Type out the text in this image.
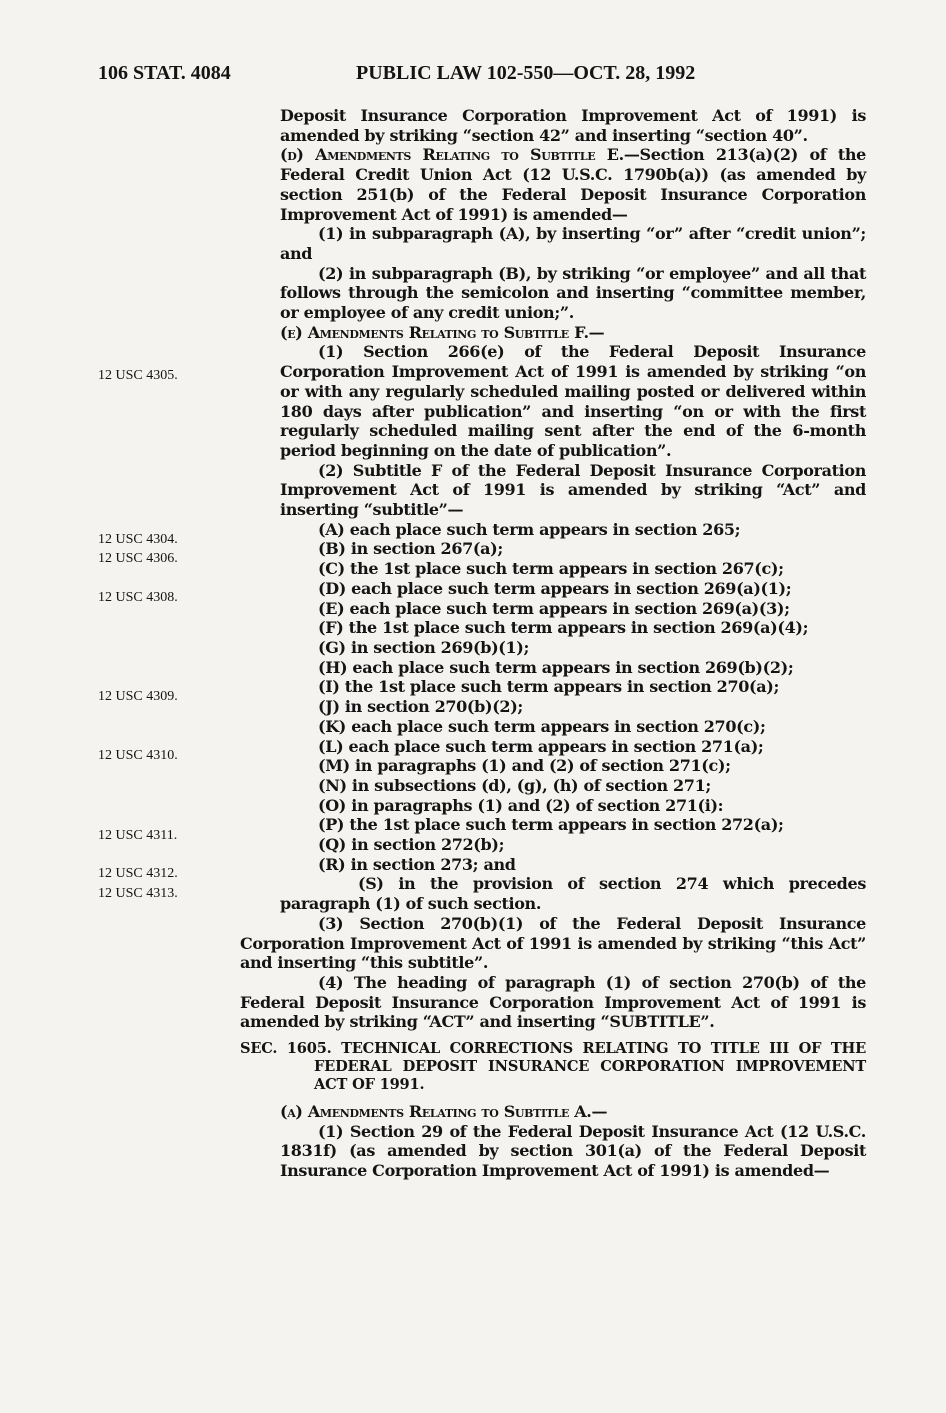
106 STAT. 4084	PUBLIC LAW 102-550—OCT. 28, 1992
12 USC 4305.
12 USC 4304.
12 USC 4306.
12 USC 4308.
12 USC 4309.
12 USC 4310.
12 USC 4311.
12 USC 4312.
12 USC 4313.

Deposit Insurance Corporation Improvement Act of 1991) is amended by striking “section 42” and inserting “section 40”.

(d) Amendments Relating to Subtitle E.—Section 213(a)(2) of the Federal Credit Union Act (12 U.S.C. 1790b(a)) (as amended by section 251(b) of the Federal Deposit Insurance Corporation Improvement Act of 1991) is amended—

(1) in subparagraph (A), by inserting “or” after “credit union”; and

(2) in subparagraph (B), by striking “or employee” and all that follows through the semicolon and inserting “committee member, or employee of any credit union;”.

(e) Amendments Relating to Subtitle F.—

(1) Section 266(e) of the Federal Deposit Insurance Corporation Improvement Act of 1991 is amended by striking “on or with any regularly scheduled mailing posted or delivered within 180 days after publication” and inserting “on or with the first regularly scheduled mailing sent after the end of the 6-month period beginning on the date of publication”.

(2) Subtitle F of the Federal Deposit Insurance Corporation Improvement Act of 1991 is amended by striking “Act” and inserting “subtitle”—

(A) each place such term appears in section 265;

(B) in section 267(a);

(C) the 1st place such term appears in section 267(c);

(D) each place such term appears in section 269(a)(1);

(E) each place such term appears in section 269(a)(3);

(F) the 1st place such term appears in section 269(a)(4);

(G) in section 269(b)(1);

(H) each place such term appears in section 269(b)(2);

(I) the 1st place such term appears in section 270(a);

(J) in section 270(b)(2);

(K) each place such term appears in section 270(c);

(L) each place such term appears in section 271(a);

(M) in paragraphs (1) and (2) of section 271(c);

(N) in subsections (d), (g), (h) of section 271;

(O) in paragraphs (1) and (2) of section 271(i):

(P) the 1st place such term appears in section 272(a);

(Q) in section 272(b);

(R) in section 273; and

(S) in the provision of section 274 which precedes paragraph (1) of such section.

(3) Section 270(b)(1) of the Federal Deposit Insurance Corporation Improvement Act of 1991 is amended by striking “this Act” and inserting “this subtitle”.

(4) The heading of paragraph (1) of section 270(b) of the Federal Deposit Insurance Corporation Improvement Act of 1991 is amended by striking “ACT” and inserting “SUBTITLE”.

SEC. 1605. TECHNICAL CORRECTIONS RELATING TO TITLE III OF THE FEDERAL DEPOSIT INSURANCE CORPORATION IMPROVEMENT ACT OF 1991.

(a) Amendments Relating to Subtitle A.—

(1) Section 29 of the Federal Deposit Insurance Act (12 U.S.C. 1831f) (as amended by section 301(a) of the Federal Deposit Insurance Corporation Improvement Act of 1991) is amended—
